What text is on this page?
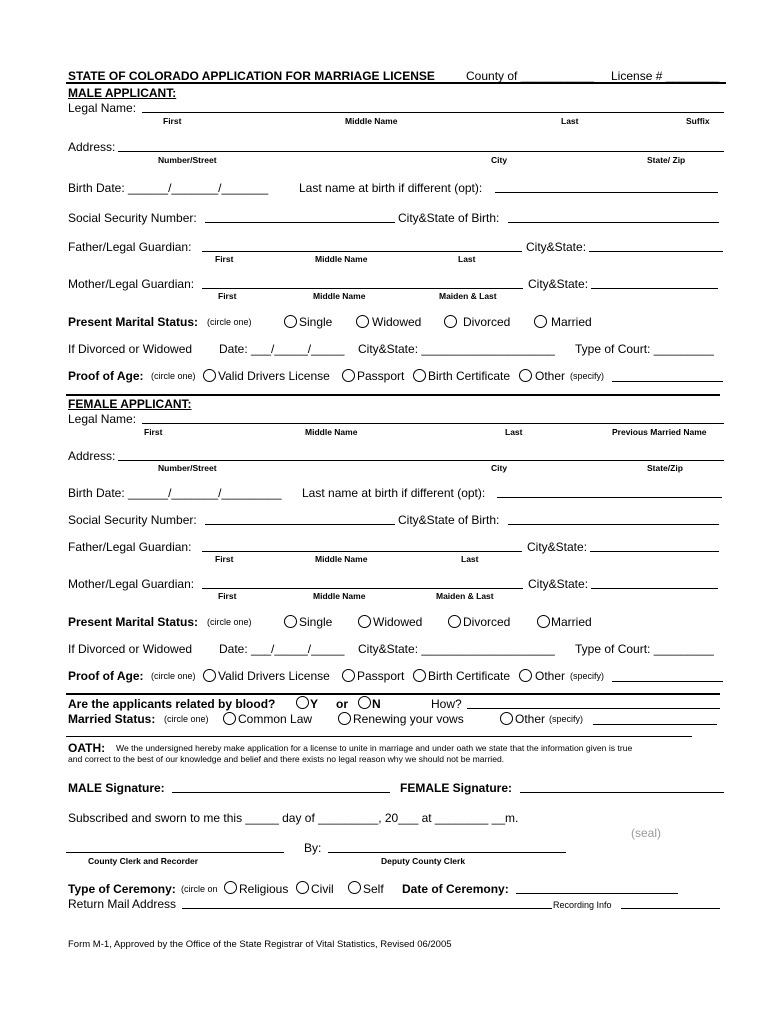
STATE OF COLORADO APPLICATION FOR MARRIAGE LICENSE	County of ___________ License # ________
MALE APPLICANT:
Legal Name:
First	Middle Name	Last	Suffix
Address:
Number/Street	City	State/ Zip
Birth Date: ______/_______/_______	Last name at birth if different (opt):
Social Security Number:	City&State of Birth:
Father/Legal Guardian:	City&State:
First	Middle Name	Last
Mother/Legal Guardian:	City&State:
First	Middle Name	Maiden & Last
Present Marital Status: (circle one)	Single	Widowed	Divorced	Married
If Divorced or Widowed Date: ___/_____/_____ City&State: ____________________ Type of Court: _________
Proof of Age: (circle one) Valid Drivers License Passport Birth Certificate Other (specify)
FEMALE APPLICANT:
Legal Name:
First	Middle Name	Last	Previous Married Name
Address:
Number/Street	City	State/Zip
Birth Date: ______/_______/_________ Last name at birth if different (opt):
Social Security Number:	City&State of Birth:
Father/Legal Guardian:	City&State:
First	Middle Name	Last
Mother/Legal Guardian:	City&State:
First	Middle Name	Maiden & Last
Present Marital Status: (circle one)	Single	Widowed	Divorced	Married
If Divorced or Widowed Date: ___/_____/_____ City&State: ____________________ Type of Court: _________
Proof of Age: (circle one) Valid Drivers License Passport Birth Certificate Other (specify)
Are the applicants related by blood?	Y or N	How?
Married Status: (circle one) Common Law	Renewing your vows	Other (specify)
OATH: We the undersigned hereby make application for a license to unite in marriage and under oath we state that the information given is true
and correct to the best of our knowledge and belief and there exists no legal reason why we should not be married.
MALE Signature:	FEMALE Signature:
Subscribed and sworn to me this _____ day of _________, 20___ at ________ __m.
(seal)
By:
County Clerk and Recorder	Deputy County Clerk
Type of Ceremony: (circle on Religious Civil Self Date of Ceremony:
Return Mail Address	Recording Info
Form M-1, Approved by the Office of the State Registrar of Vital Statistics, Revised 06/2005
